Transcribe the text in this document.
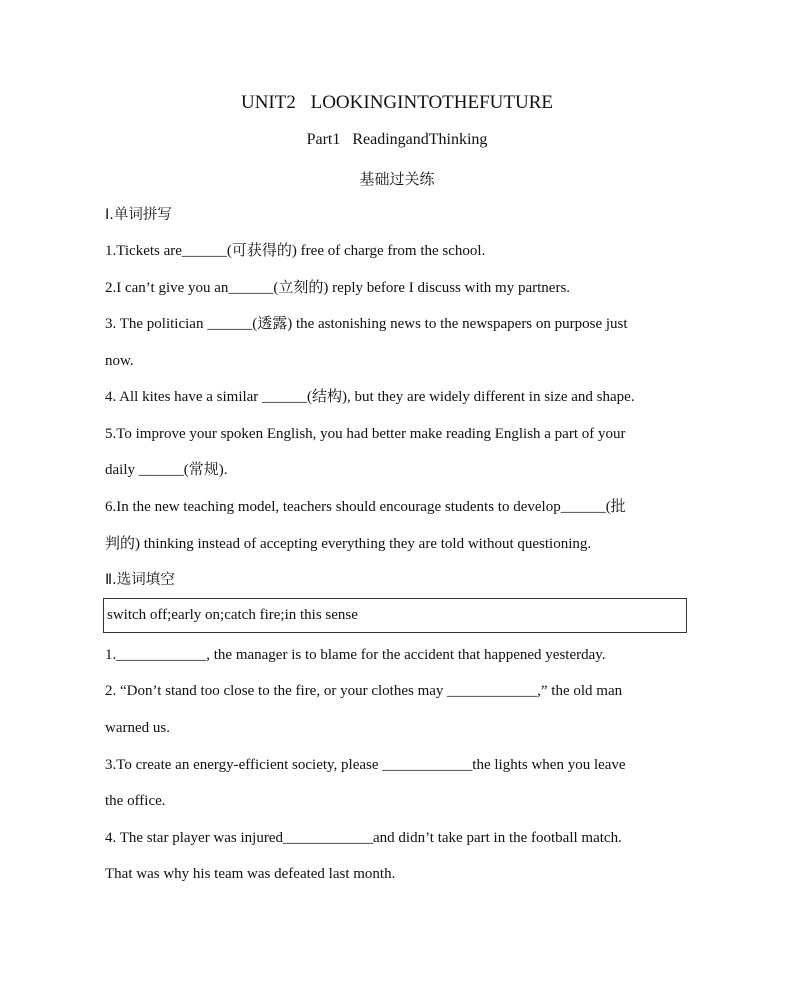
UNIT2 LOOKINGINTOTHEFUTURE
Part1 ReadingandThinking
基础过关练
Ⅰ.单词拼写
1.Tickets are______(可获得的) free of charge from the school.
2.I can’t give you an______(立刻的) reply before I discuss with my partners.
3. The politician ______(透露) the astonishing news to the newspapers on purpose just
now.
4. All kites have a similar ______(结构), but they are widely different in size and shape.
5.To improve your spoken English, you had better make reading English a part of your
daily ______(常规).
6.In the new teaching model, teachers should encourage students to develop______(批
判的) thinking instead of accepting everything they are told without questioning.
Ⅱ.选词填空
switch off;early on;catch fire;in this sense
1.____________, the manager is to blame for the accident that happened yesterday.
2. “Don’t stand too close to the fire, or your clothes may ____________,” the old man
warned us.
3.To create an energy-efficient society, please ____________the lights when you leave
the office.
4. The star player was injured____________and didn’t take part in the football match.
That was why his team was defeated last month.
